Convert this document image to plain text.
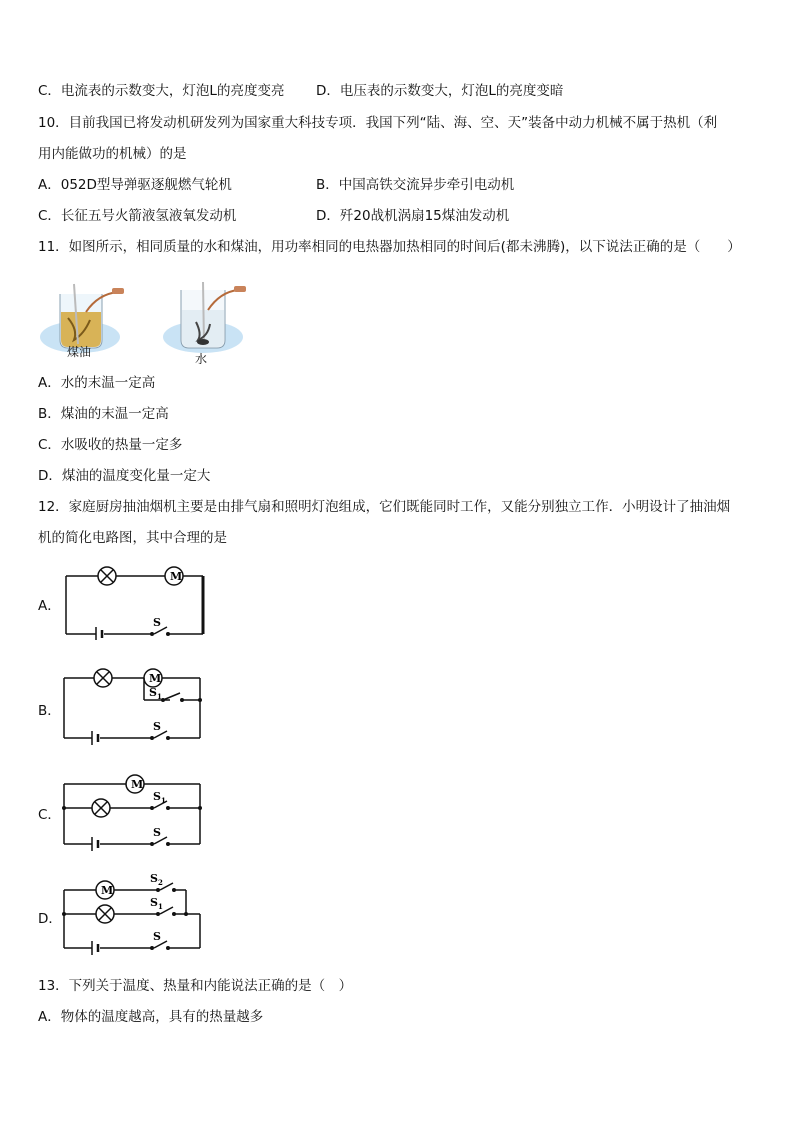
C．电流表的示数变大，灯泡L的亮度变亮 D．电压表的示数变大，灯泡L的亮度变暗
10．目前我国已将发动机研发列为国家重大科技专项．我国下列“陆、海、空、天”装备中动力机械不属于热机（利
用内能做功的机械）的是
A．052D型导弹驱逐舰燃气轮机	B．中国高铁交流异步牵引电动机
C．长征五号火箭液氢液氧发动机	D．歼20战机涡扇15煤油发动机
11．如图所示，相同质量的水和煤油，用功率相同的电热器加热相同的时间后(都未沸腾)，以下说法正确的是（　　）
煤油	水
A．水的末温一定高
B．煤油的末温一定高
C．水吸收的热量一定多
D．煤油的温度变化量一定大
12．家庭厨房抽油烟机主要是由排气扇和照明灯泡组成，它们既能同时工作，又能分别独立工作．小明设计了抽油烟
机的简化电路图，其中合理的是
A．
M
S
B．
M
S 1
S
C．
M
S 1
S
D．
M
S 2
S 1
S
13．下列关于温度、热量和内能说法正确的是（　）
A．物体的温度越高，具有的热量越多
